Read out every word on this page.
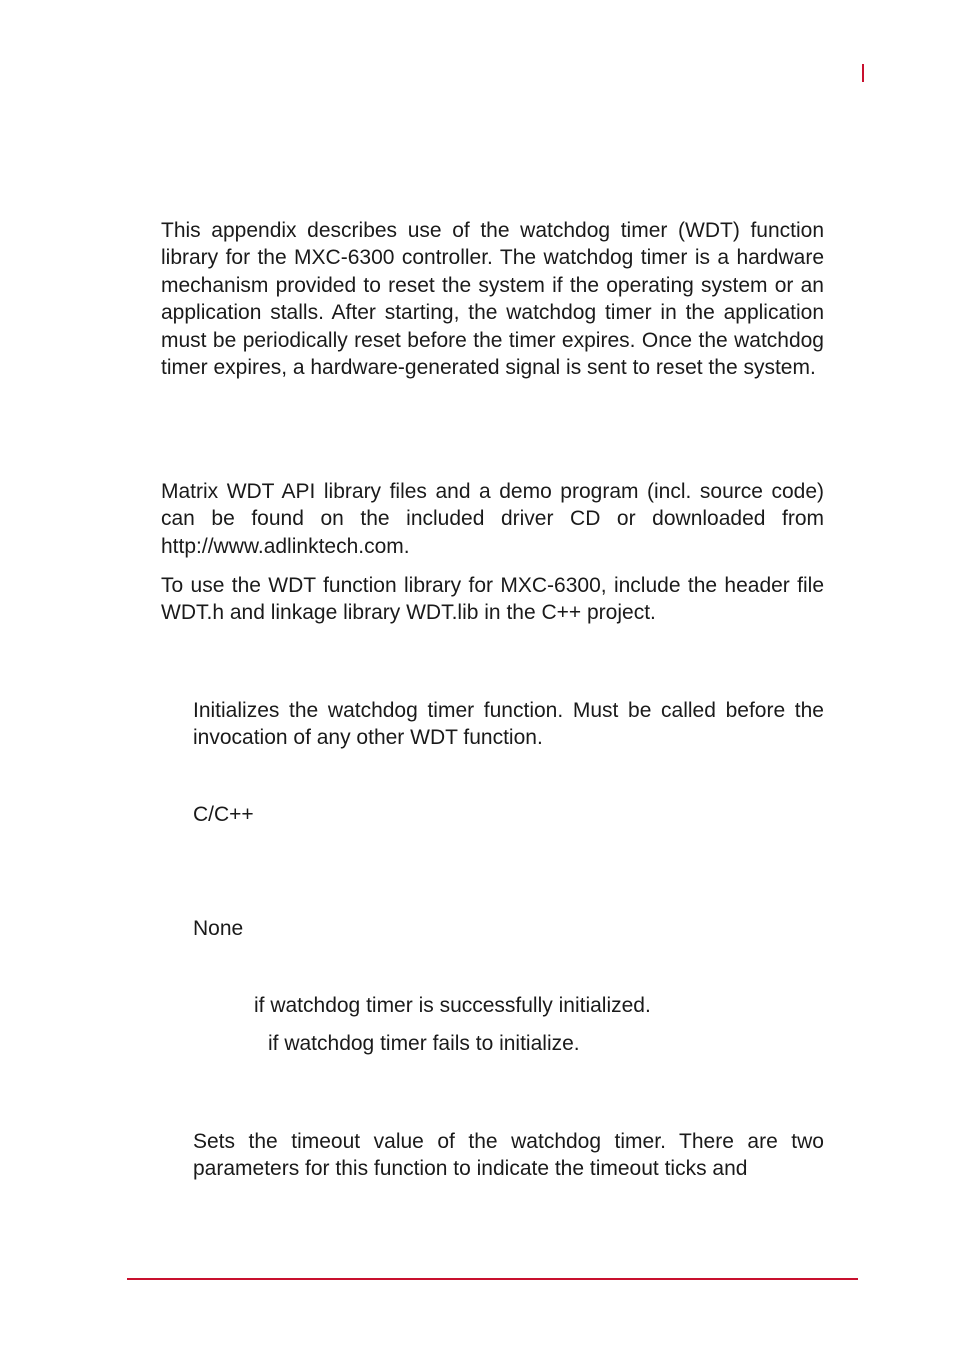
This appendix describes use of the watchdog timer (WDT) function library for the MXC-6300 controller. The watchdog timer is a hardware mechanism provided to reset the system if the operating system or an application stalls. After starting, the watchdog timer in the application must be periodically reset before the timer expires. Once the watchdog timer expires, a hardware-generated signal is sent to reset the system.

Matrix WDT API library files and a demo program (incl. source code) can be found on the included driver CD or downloaded from http://www.adlinktech.com.

To use the WDT function library for MXC-6300, include the header file WDT.h and linkage library WDT.lib in the C++ project.

Initializes the watchdog timer function. Must be called before the invocation of any other WDT function.

C/C++

None

if watchdog timer is successfully initialized.

if watchdog timer fails to initialize.

Sets the timeout value of the watchdog timer. There are two parameters for this function to indicate the timeout ticks and
